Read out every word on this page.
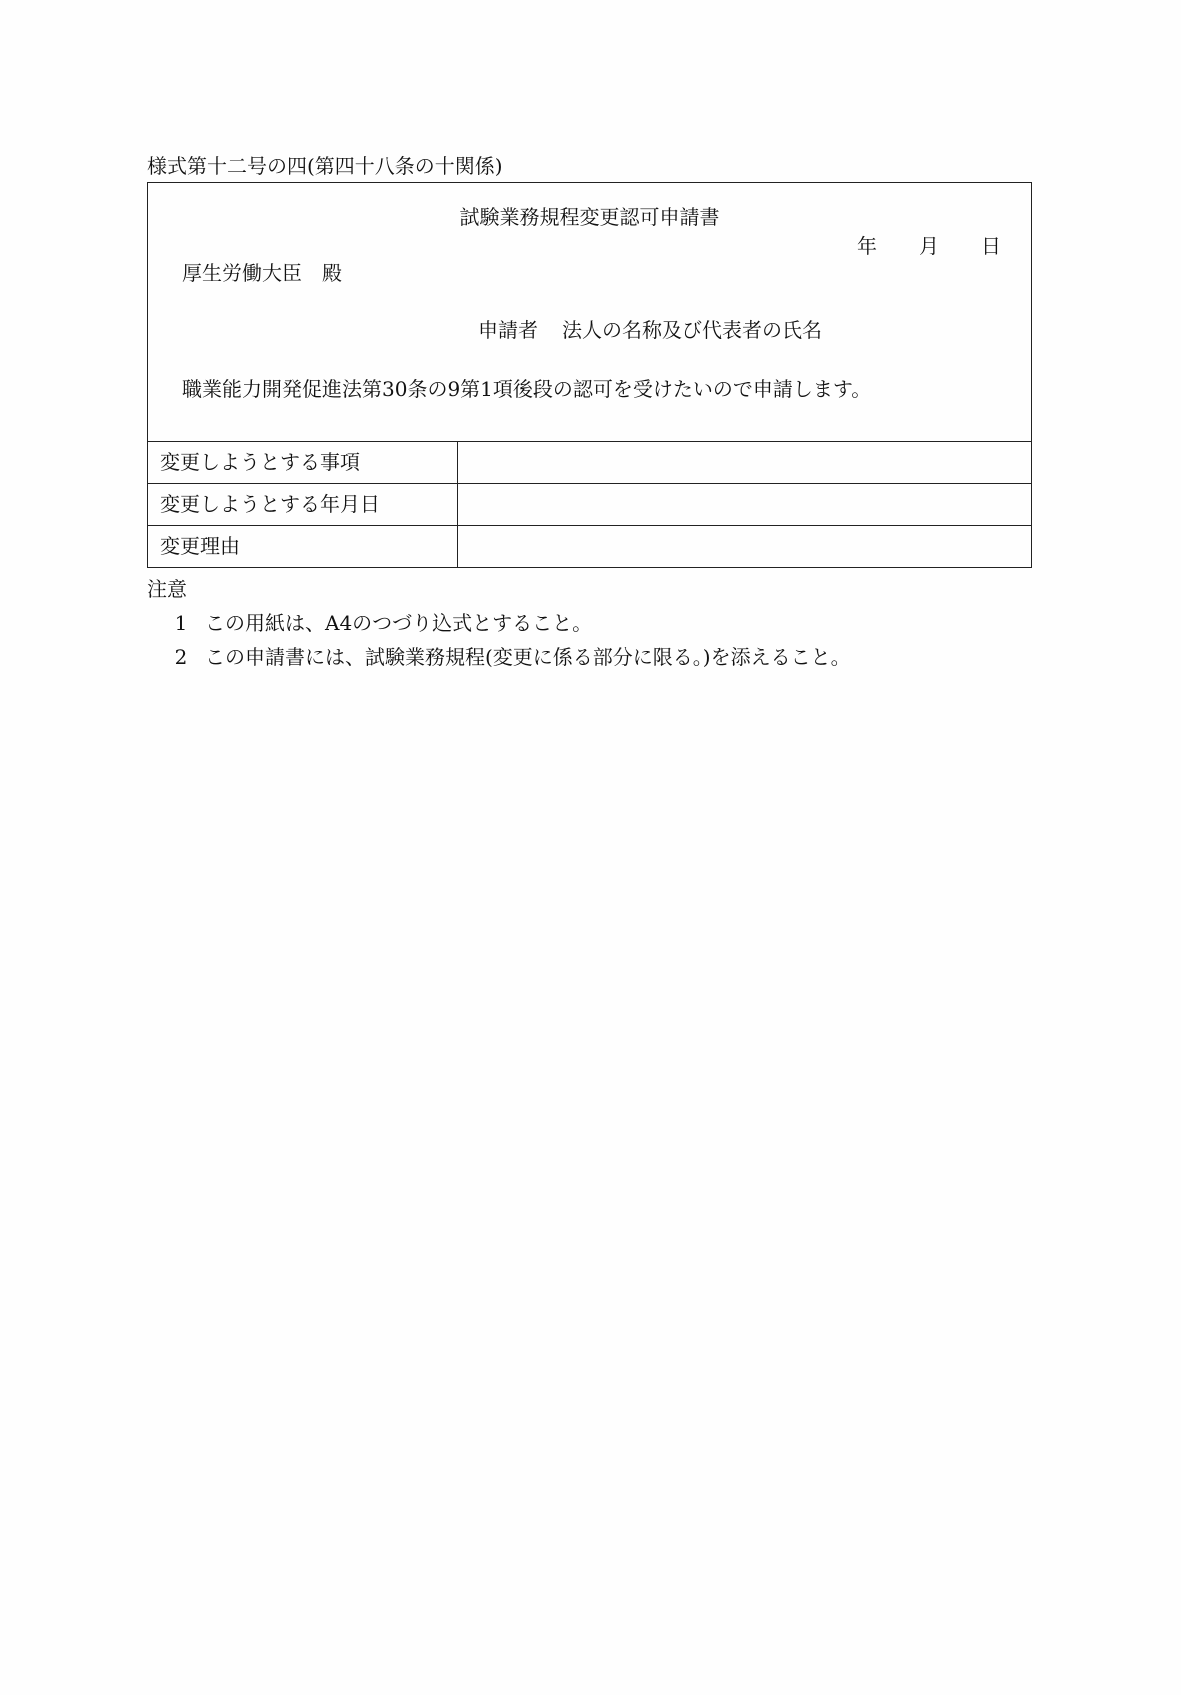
様式第十二号の四(第四十八条の十関係)
試験業務規程変更認可申請書
年 月 日
厚生労働大臣　殿
申請者 法人の名称及び代表者の氏名
職業能力開発促進法第30条の9第1項後段の認可を受けたいので申請します。
変更しようとする事項
変更しようとする年月日
変更理由
注意
1 この用紙は、A4のつづり込式とすること。
2 この申請書には、試験業務規程(変更に係る部分に限る。)を添えること。
